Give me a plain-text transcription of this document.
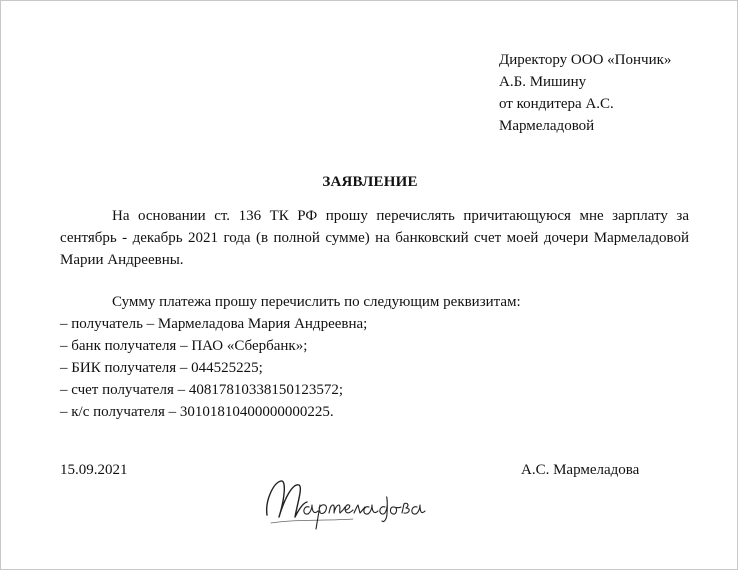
Директору ООО «Пончик»
А.Б. Мишину
от кондитера А.С.
Мармеладовой
ЗАЯВЛЕНИЕ
На основании ст. 136 ТК РФ прошу перечислять причитающуюся мне зарплату за сентябрь - декабрь 2021 года (в полной сумме) на банковский счет моей дочери Мармеладовой Марии Андреевны.
Сумму платежа прошу перечислить по следующим реквизитам:
– получатель – Мармеладова Мария Андреевна;
– банк получателя – ПАО «Сбербанк»;
– БИК получателя – 044525225;
– счет получателя – 40817810338150123572;
– к/с получателя – 30101810400000000225.
15.09.2021	А.С. Мармеладова
